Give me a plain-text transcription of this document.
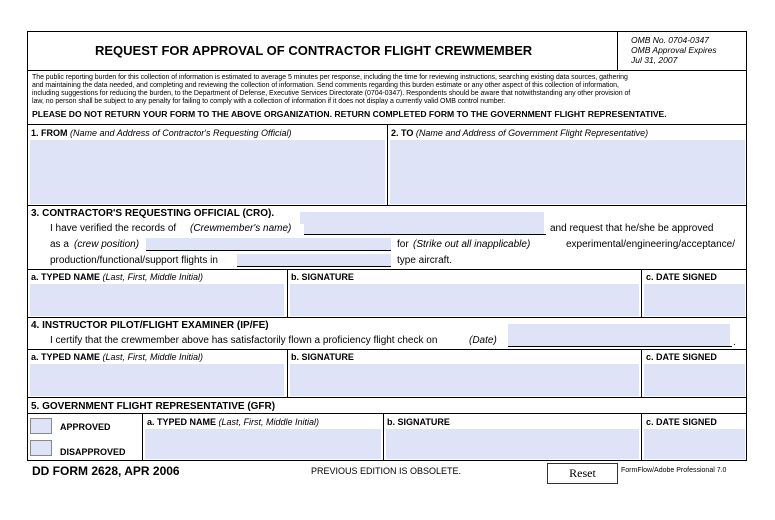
REQUEST FOR APPROVAL OF CONTRACTOR FLIGHT CREWMEMBER
OMB No. 0704-0347
OMB Approval Expires
Jul 31, 2007
The public reporting burden for this collection of information is estimated to average 5 minutes per response, including the time for reviewing instructions, searching existing data sources, gathering
and maintaining the data needed, and completing and reviewing the collection of information. Send comments regarding this burden estimate or any other aspect of this collection of information,
including suggestions for reducing the burden, to the Department of Defense, Executive Services Directorate (0704-0347). Respondents should be aware that notwithstanding any other provision of
law, no person shall be subject to any penalty for failing to comply with a collection of information if it does not display a currently valid OMB control number.
PLEASE DO NOT RETURN YOUR FORM TO THE ABOVE ORGANIZATION. RETURN COMPLETED FORM TO THE GOVERNMENT FLIGHT REPRESENTATIVE.
1. FROM (Name and Address of Contractor's Requesting Official)	2. TO (Name and Address of Government Flight Representative)
3. CONTRACTOR'S REQUESTING OFFICIAL (CRO).
I have verified the records of (Crewmember's name)	and request that he/she be approved
as a (crew position)	for (Strike out all inapplicable)	experimental/engineering/acceptance/
production/functional/support flights in	type aircraft.
a. TYPED NAME (Last, First, Middle Initial)	b. SIGNATURE	c. DATE SIGNED
4. INSTRUCTOR PILOT/FLIGHT EXAMINER (IP/FE)
I certify that the crewmember above has satisfactorily flown a proficiency flight check on	(Date)	.
a. TYPED NAME (Last, First, Middle Initial)	b. SIGNATURE	c. DATE SIGNED
5. GOVERNMENT FLIGHT REPRESENTATIVE (GFR)
APPROVED
DISAPPROVED
a. TYPED NAME (Last, First, Middle Initial)	b. SIGNATURE	c. DATE SIGNED
DD FORM 2628, APR 2006	PREVIOUS EDITION IS OBSOLETE.	Reset	FormFlow/Adobe Professional 7.0
